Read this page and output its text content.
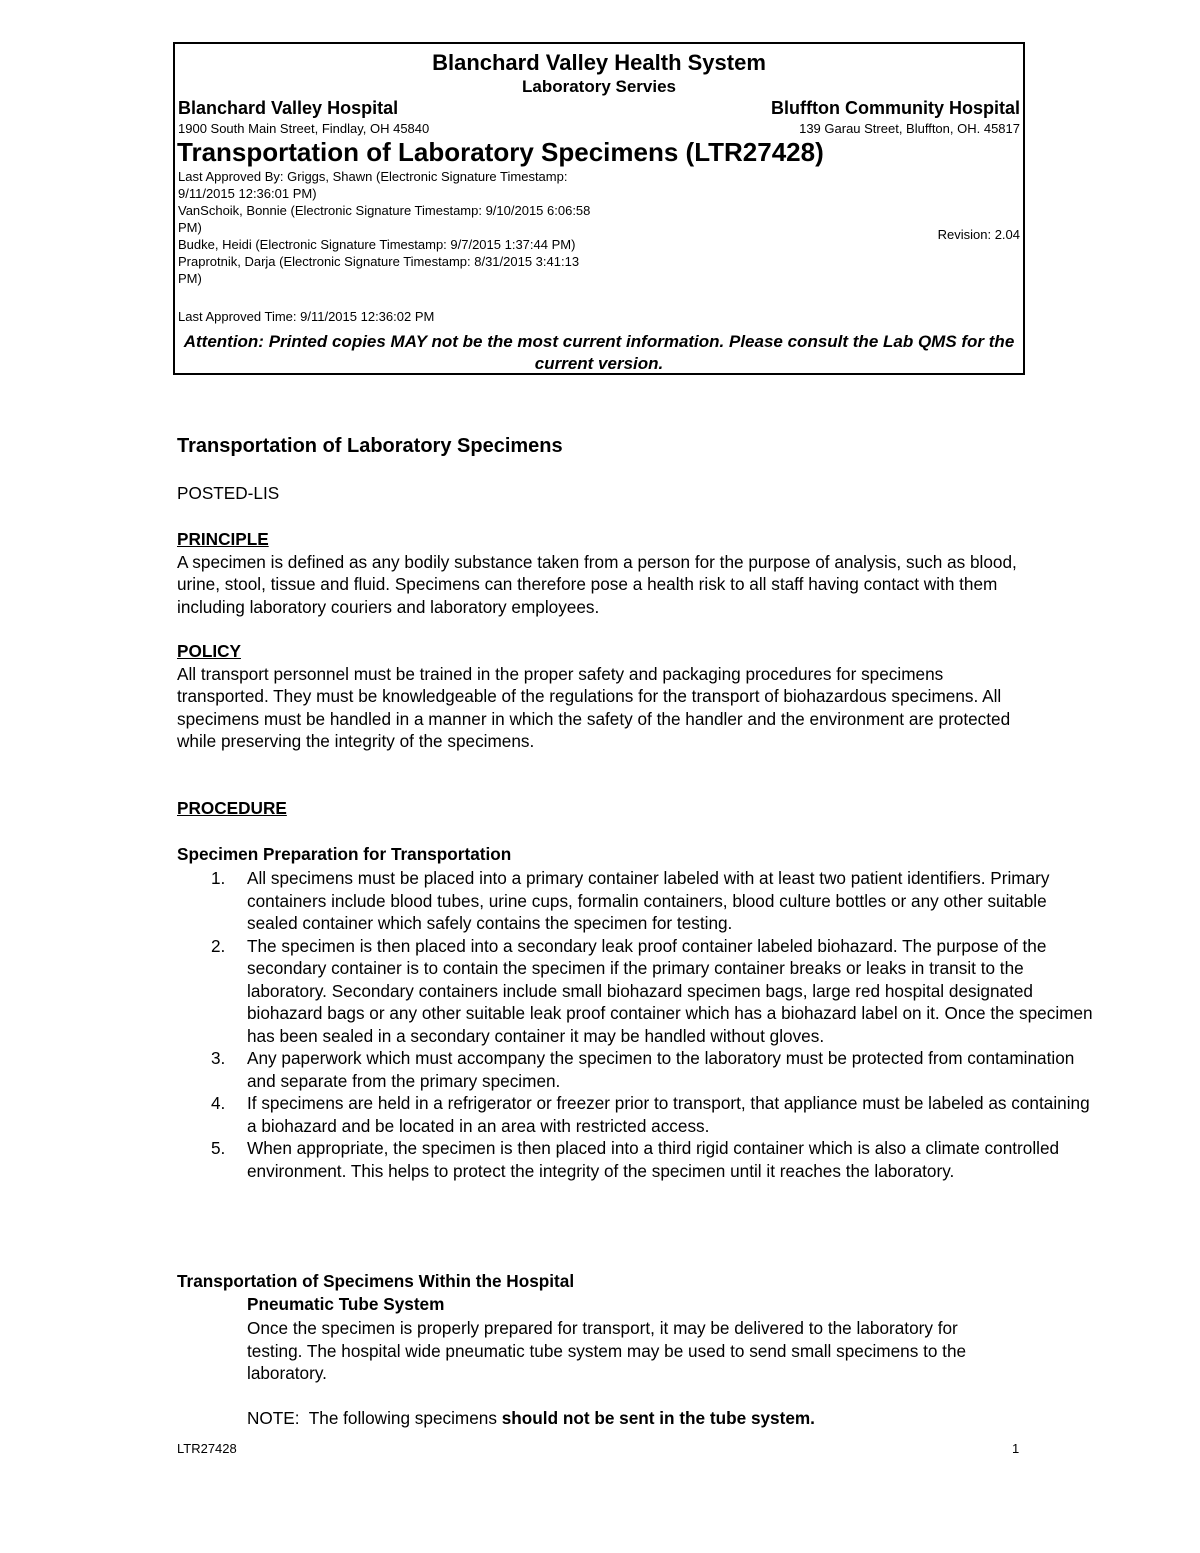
Blanchard Valley Health System
Laboratory Servies
Blanchard Valley Hospital	Bluffton Community Hospital
1900 South Main Street, Findlay, OH 45840	139 Garau Street, Bluffton, OH. 45817
Transportation of Laboratory Specimens (LTR27428)
Last Approved By: Griggs, Shawn (Electronic Signature Timestamp: 9/11/2015 12:36:01 PM)
VanSchoik, Bonnie (Electronic Signature Timestamp: 9/10/2015 6:06:58 PM)
Budke, Heidi (Electronic Signature Timestamp: 9/7/2015 1:37:44 PM)
Praprotnik, Darja (Electronic Signature Timestamp: 8/31/2015 3:41:13 PM)
Revision: 2.04
Last Approved Time: 9/11/2015 12:36:02 PM
Attention: Printed copies MAY not be the most current information. Please consult the Lab QMS for the current version.
Transportation of Laboratory Specimens
POSTED-LIS
PRINCIPLE
A specimen is defined as any bodily substance taken from a person for the purpose of analysis, such as blood, urine, stool, tissue and fluid. Specimens can therefore pose a health risk to all staff having contact with them including laboratory couriers and laboratory employees.
POLICY
All transport personnel must be trained in the proper safety and packaging procedures for specimens transported. They must be knowledgeable of the regulations for the transport of biohazardous specimens. All specimens must be handled in a manner in which the safety of the handler and the environment are protected while preserving the integrity of the specimens.
PROCEDURE
Specimen Preparation for Transportation
1. All specimens must be placed into a primary container labeled with at least two patient identifiers. Primary containers include blood tubes, urine cups, formalin containers, blood culture bottles or any other suitable sealed container which safely contains the specimen for testing.
2. The specimen is then placed into a secondary leak proof container labeled biohazard. The purpose of the secondary container is to contain the specimen if the primary container breaks or leaks in transit to the laboratory. Secondary containers include small biohazard specimen bags, large red hospital designated biohazard bags or any other suitable leak proof container which has a biohazard label on it. Once the specimen has been sealed in a secondary container it may be handled without gloves.
3. Any paperwork which must accompany the specimen to the laboratory must be protected from contamination and separate from the primary specimen.
4. If specimens are held in a refrigerator or freezer prior to transport, that appliance must be labeled as containing a biohazard and be located in an area with restricted access.
5. When appropriate, the specimen is then placed into a third rigid container which is also a climate controlled environment. This helps to protect the integrity of the specimen until it reaches the laboratory.
Transportation of Specimens Within the Hospital
Pneumatic Tube System
Once the specimen is properly prepared for transport, it may be delivered to the laboratory for testing. The hospital wide pneumatic tube system may be used to send small specimens to the laboratory.
NOTE:  The following specimens should not be sent in the tube system.
LTR27428	1
